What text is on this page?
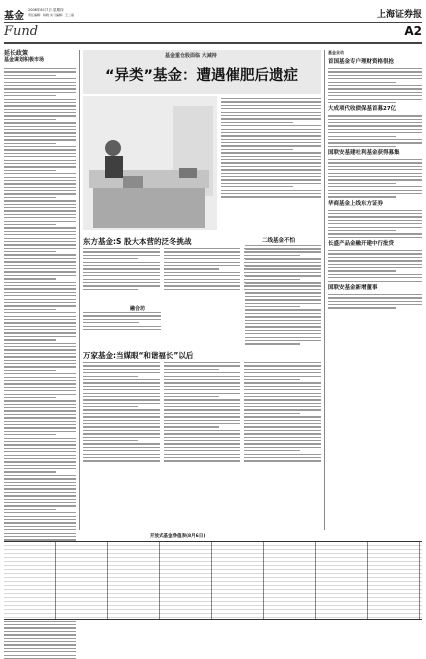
基金
2008年8月7日 星期四
责任编辑：杨晓 实习编辑：王二丽	上海证券报
Fund	A2
延长政策
基金谋划积极市场
基金重仓股面临 大减持
“异类”基金：遭遇催肥后遗症
东方基金:S 股大本营的泛冬挑战
融合坊
万家基金:当媒眼“和谐福长”以后
二线基金不怕
基金业动
首国基金专户理财资格很抢
大成项代收债保基首募27亿
国联安基建吐利基金获得募集
华商基金上线东方证券
长盛产品金融开建中行批贷
国联安基金新增董事
开放式基金净值表(8月6日)
